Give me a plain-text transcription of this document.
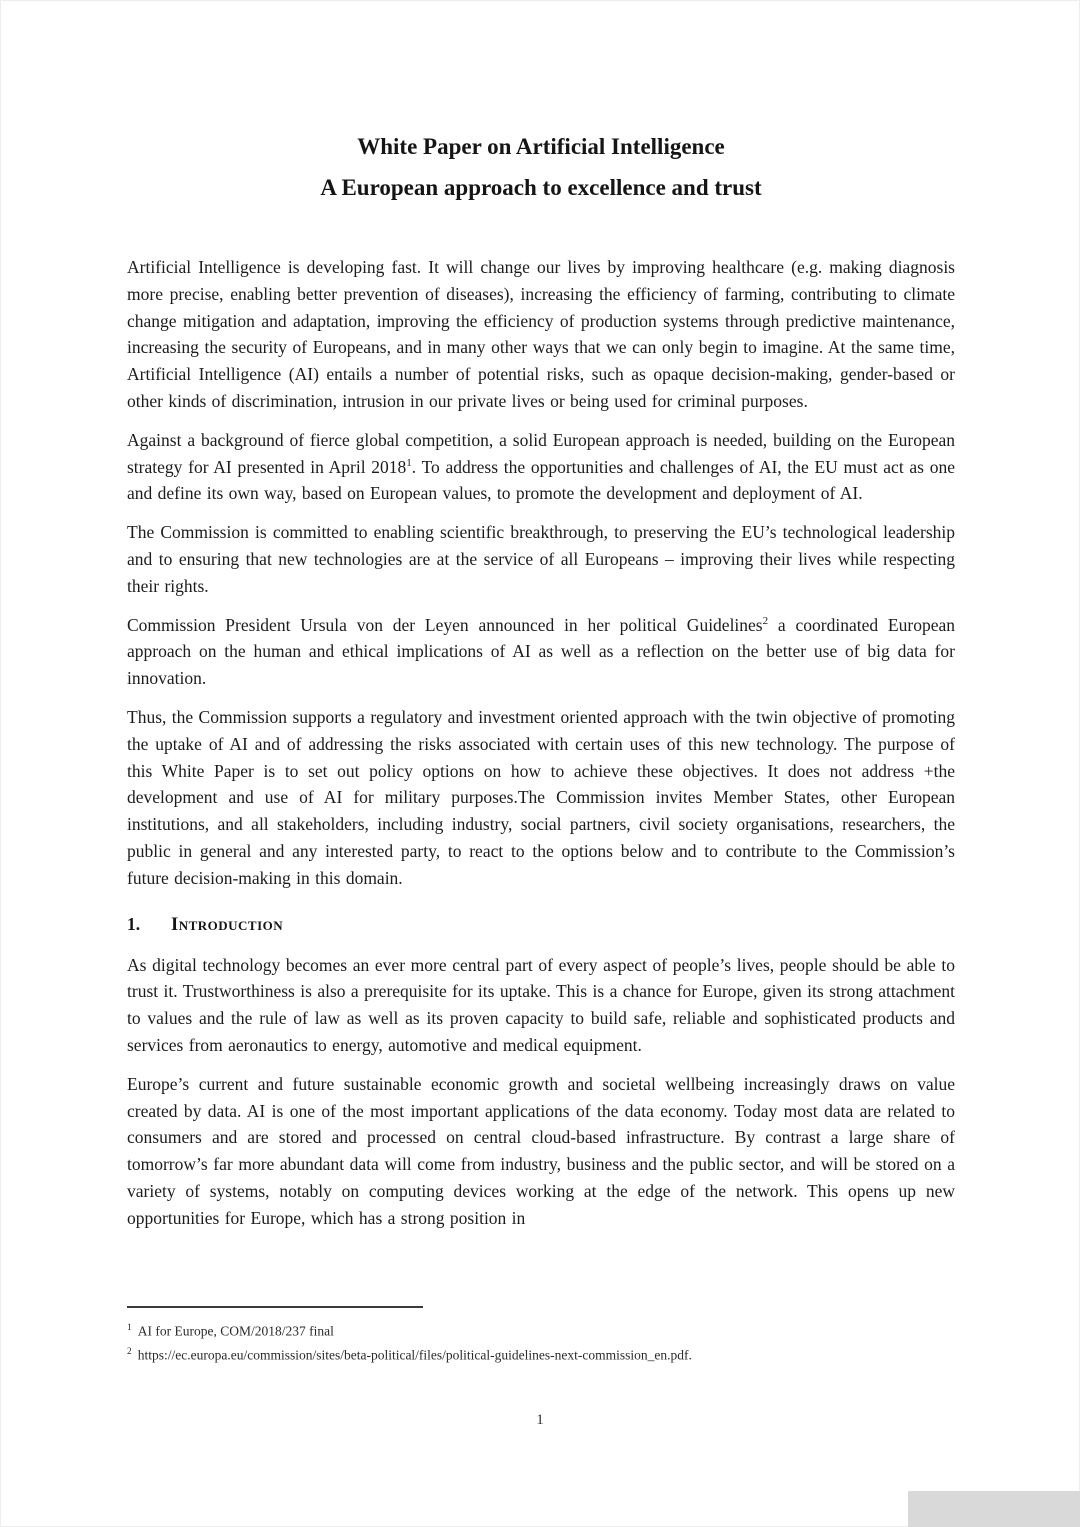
White Paper on Artificial Intelligence
A European approach to excellence and trust

Artificial Intelligence is developing fast. It will change our lives by improving healthcare (e.g. making diagnosis more precise, enabling better prevention of diseases), increasing the efficiency of farming, contributing to climate change mitigation and adaptation, improving the efficiency of production systems through predictive maintenance, increasing the security of Europeans, and in many other ways that we can only begin to imagine. At the same time, Artificial Intelligence (AI) entails a number of potential risks, such as opaque decision-making, gender-based or other kinds of discrimination, intrusion in our private lives or being used for criminal purposes.

Against a background of fierce global competition, a solid European approach is needed, building on the European strategy for AI presented in April 2018$^1$. To address the opportunities and challenges of AI, the EU must act as one and define its own way, based on European values, to promote the development and deployment of AI.

The Commission is committed to enabling scientific breakthrough, to preserving the EU’s technological leadership and to ensuring that new technologies are at the service of all Europeans – improving their lives while respecting their rights.

Commission President Ursula von der Leyen announced in her political Guidelines$^2$ a coordinated European approach on the human and ethical implications of AI as well as a reflection on the better use of big data for innovation.

Thus, the Commission supports a regulatory and investment oriented approach with the twin objective of promoting the uptake of AI and of addressing the risks associated with certain uses of this new technology. The purpose of this White Paper is to set out policy options on how to achieve these objectives. It does not address +the development and use of AI for military purposes.The Commission invites Member States, other European institutions, and all stakeholders, including industry, social partners, civil society organisations, researchers, the public in general and any interested party, to react to the options below and to contribute to the Commission’s future decision-making in this domain.

1. Introduction

As digital technology becomes an ever more central part of every aspect of people’s lives, people should be able to trust it. Trustworthiness is also a prerequisite for its uptake. This is a chance for Europe, given its strong attachment to values and the rule of law as well as its proven capacity to build safe, reliable and sophisticated products and services from aeronautics to energy, automotive and medical equipment.

Europe’s current and future sustainable economic growth and societal wellbeing increasingly draws on value created by data. AI is one of the most important applications of the data economy. Today most data are related to consumers and are stored and processed on central cloud-based infrastructure. By contrast a large share of tomorrow’s far more abundant data will come from industry, business and the public sector, and will be stored on a variety of systems, notably on computing devices working at the edge of the network. This opens up new opportunities for Europe, which has a strong position in

$^1$ AI for Europe, COM/2018/237 final
$^2$ https://ec.europa.eu/commission/sites/beta-political/files/political-guidelines-next-commission_en.pdf.
1
